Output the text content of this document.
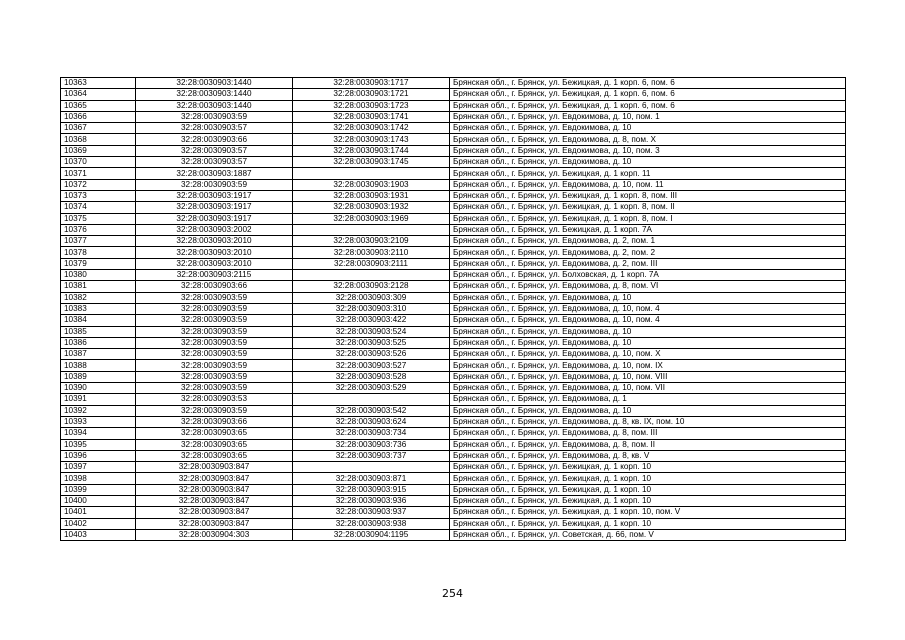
10363	32:28:0030903:1440	32:28:0030903:1717	Брянская обл., г. Брянск, ул. Бежицкая, д. 1 корп. 6, пом. 6
10364	32:28:0030903:1440	32:28:0030903:1721	Брянская обл., г. Брянск, ул. Бежицкая, д. 1 корп. 6, пом. 6
10365	32:28:0030903:1440	32:28:0030903:1723	Брянская обл., г. Брянск, ул. Бежицкая, д. 1 корп. 6, пом. 6
10366	32:28:0030903:59	32:28:0030903:1741	Брянская обл., г. Брянск, ул. Евдокимова, д. 10, пом. 1
10367	32:28:0030903:57	32:28:0030903:1742	Брянская обл., г. Брянск, ул. Евдокимова, д. 10
10368	32:28:0030903:66	32:28:0030903:1743	Брянская обл., г. Брянск, ул. Евдокимова, д. 8, пом. X
10369	32:28:0030903:57	32:28:0030903:1744	Брянская обл., г. Брянск, ул. Евдокимова, д. 10, пом. 3
10370	32:28:0030903:57	32:28:0030903:1745	Брянская обл., г. Брянск, ул. Евдокимова, д. 10
10371	32:28:0030903:1887		Брянская обл., г. Брянск, ул. Бежицкая, д. 1 корп. 11
10372	32:28:0030903:59	32:28:0030903:1903	Брянская обл., г. Брянск, ул. Евдокимова, д. 10, пом. 11
10373	32:28:0030903:1917	32:28:0030903:1931	Брянская обл., г. Брянск, ул. Бежицкая, д. 1 корп. 8, пом. III
10374	32:28:0030903:1917	32:28:0030903:1932	Брянская обл., г. Брянск, ул. Бежицкая, д. 1 корп. 8, пом. II
10375	32:28:0030903:1917	32:28:0030903:1969	Брянская обл., г. Брянск, ул. Бежицкая, д. 1 корп. 8, пом. I
10376	32:28:0030903:2002		Брянская обл., г. Брянск, ул. Бежицкая, д. 1 корп. 7А
10377	32:28:0030903:2010	32:28:0030903:2109	Брянская обл., г. Брянск, ул. Евдокимова, д. 2, пом. 1
10378	32:28:0030903:2010	32:28:0030903:2110	Брянская обл., г. Брянск, ул. Евдокимова, д. 2, пом. 2
10379	32:28:0030903:2010	32:28:0030903:2111	Брянская обл., г. Брянск, ул. Евдокимова, д. 2, пом. III
10380	32:28:0030903:2115		Брянская обл., г. Брянск, ул. Болховская, д. 1 корп. 7А
10381	32:28:0030903:66	32:28:0030903:2128	Брянская обл., г. Брянск, ул. Евдокимова, д. 8, пом. VI
10382	32:28:0030903:59	32:28:0030903:309	Брянская обл., г. Брянск, ул. Евдокимова, д. 10
10383	32:28:0030903:59	32:28:0030903:310	Брянская обл., г. Брянск, ул. Евдокимова, д. 10, пом. 4
10384	32:28:0030903:59	32:28:0030903:422	Брянская обл., г. Брянск, ул. Евдокимова, д. 10, пом. 4
10385	32:28:0030903:59	32:28:0030903:524	Брянская обл., г. Брянск, ул. Евдокимова, д. 10
10386	32:28:0030903:59	32:28:0030903:525	Брянская обл., г. Брянск, ул. Евдокимова, д. 10
10387	32:28:0030903:59	32:28:0030903:526	Брянская обл., г. Брянск, ул. Евдокимова, д. 10, пом. X
10388	32:28:0030903:59	32:28:0030903:527	Брянская обл., г. Брянск, ул. Евдокимова, д. 10, пом. IX
10389	32:28:0030903:59	32:28:0030903:528	Брянская обл., г. Брянск, ул. Евдокимова, д. 10, пом. VIII
10390	32:28:0030903:59	32:28:0030903:529	Брянская обл., г. Брянск, ул. Евдокимова, д. 10, пом. VII
10391	32:28:0030903:53		Брянская обл., г. Брянск, ул. Евдокимова, д. 1
10392	32:28:0030903:59	32:28:0030903:542	Брянская обл., г. Брянск, ул. Евдокимова, д. 10
10393	32:28:0030903:66	32:28:0030903:624	Брянская обл., г. Брянск, ул. Евдокимова, д. 8, кв. IX, пом. 10
10394	32:28:0030903:65	32:28:0030903:734	Брянская обл., г. Брянск, ул. Евдокимова, д. 8, пом. III
10395	32:28:0030903:65	32:28:0030903:736	Брянская обл., г. Брянск, ул. Евдокимова, д. 8, пом. II
10396	32:28:0030903:65	32:28:0030903:737	Брянская обл., г. Брянск, ул. Евдокимова, д. 8, кв. V
10397	32:28:0030903:847		Брянская обл., г. Брянск, ул. Бежицкая, д. 1 корп. 10
10398	32:28:0030903:847	32:28:0030903:871	Брянская обл., г. Брянск, ул. Бежицкая, д. 1 корп. 10
10399	32:28:0030903:847	32:28:0030903:915	Брянская обл., г. Брянск, ул. Бежицкая, д. 1 корп. 10
10400	32:28:0030903:847	32:28:0030903:936	Брянская обл., г. Брянск, ул. Бежицкая, д. 1 корп. 10
10401	32:28:0030903:847	32:28:0030903:937	Брянская обл., г. Брянск, ул. Бежицкая, д. 1 корп. 10, пом. V
10402	32:28:0030903:847	32:28:0030903:938	Брянская обл., г. Брянск, ул. Бежицкая, д. 1 корп. 10
10403	32:28:0030904:303	32:28:0030904:1195	Брянская обл., г. Брянск, ул. Советская, д. 66, пом. V
254
